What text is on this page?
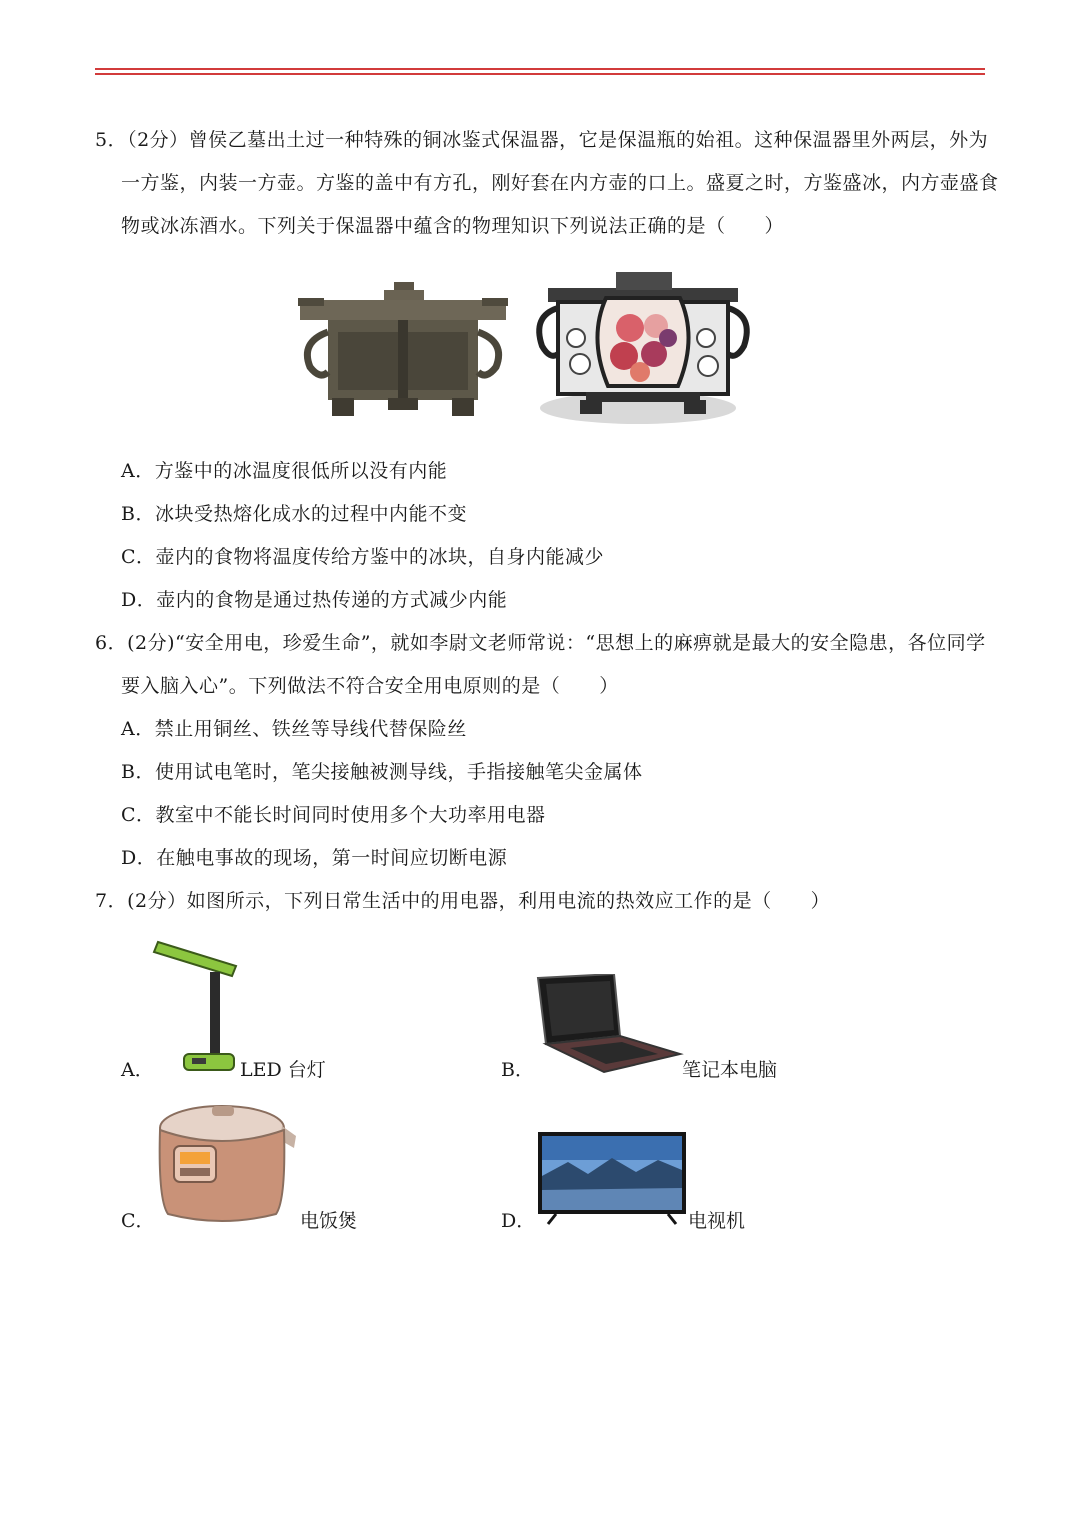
5．（2分）曾侯乙墓出土过一种特殊的铜冰鉴式保温器，它是保温瓶的始祖。这种保温器里外两层，外为
一方鉴，内装一方壶。方鉴的盖中有方孔，刚好套在内方壶的口上。盛夏之时，方鉴盛冰，内方壶盛食
物或冰冻酒水。下列关于保温器中蕴含的物理知识下列说法正确的是（　　）
A．方鉴中的冰温度很低所以没有内能
B．冰块受热熔化成水的过程中内能不变
C．壶内的食物将温度传给方鉴中的冰块，自身内能减少
D．壶内的食物是通过热传递的方式减少内能
6．(2分)“安全用电，珍爱生命”，就如李尉文老师常说：“思想上的麻痹就是最大的安全隐患，各位同学
要入脑入心”。下列做法不符合安全用电原则的是（　　）
A．禁止用铜丝、铁丝等导线代替保险丝
B．使用试电笔时，笔尖接触被测导线，手指接触笔尖金属体
C．教室中不能长时间同时使用多个大功率用电器
D．在触电事故的现场，第一时间应切断电源
7．(2分）如图所示，下列日常生活中的用电器，利用电流的热效应工作的是（　　）
A．	LED 台灯	B．	笔记本电脑
C．	电饭煲	D．	电视机
